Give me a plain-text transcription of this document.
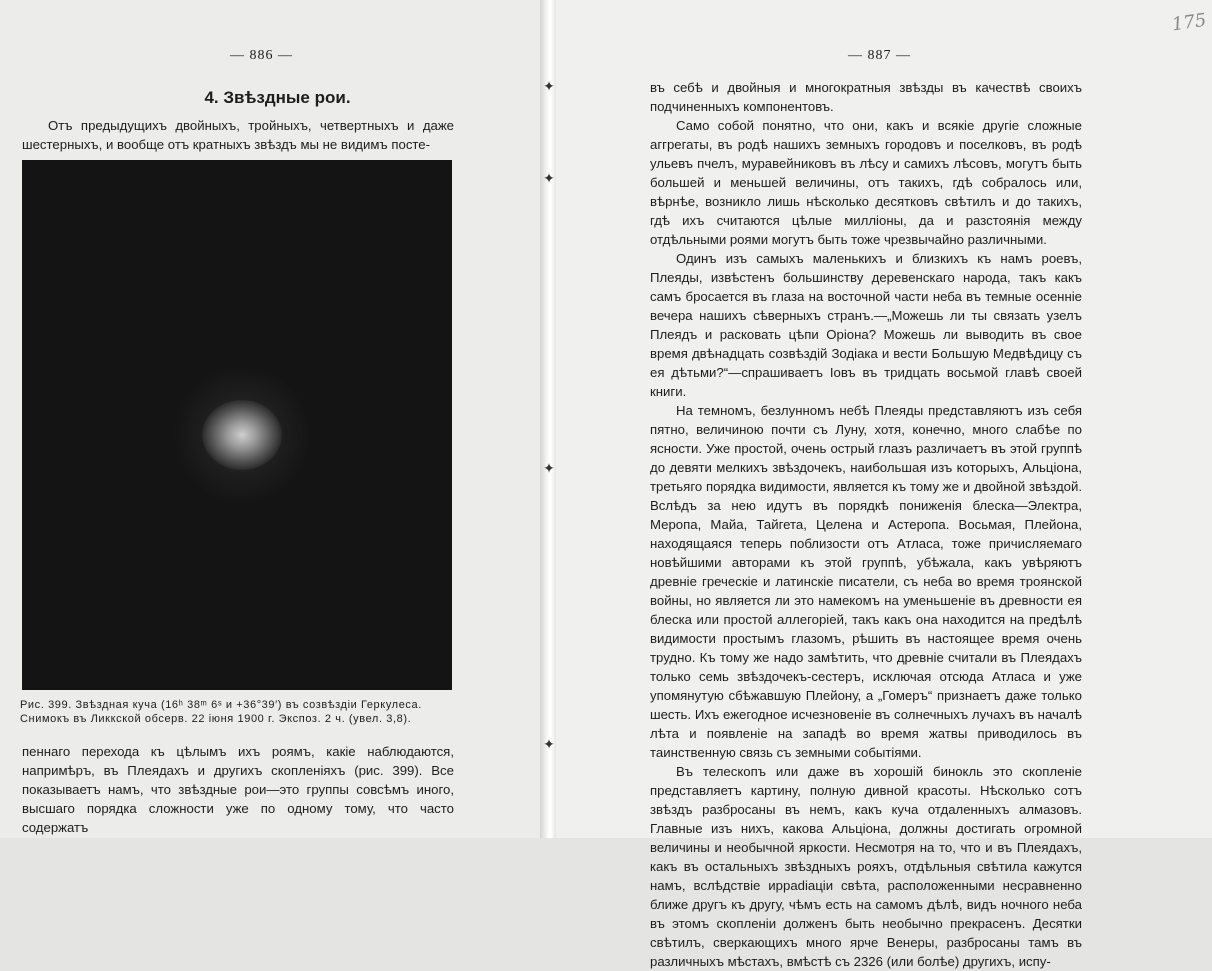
— 886 —
4. Звѣздные рои.

Отъ предыдущихъ двойныхъ, тройныхъ, четвертныхъ и даже шестерныхъ, и вообще отъ кратныхъ звѣздъ мы не видимъ посте-

Рис. 399. Звѣздная куча (16ʰ 38ᵐ 6ˢ и +36°39′) въ созвѣздіи Геркулеса. Снимокъ въ Ликкской обсерв. 22 іюня 1900 г. Экспоз. 2 ч. (увел. 3,8).

пеннаго перехода къ цѣлымъ ихъ роямъ, какіе наблюдаются, напримѣръ, въ Плеядахъ и другихъ скопленіяхъ (рис. 399). Все показываетъ намъ, что звѣздные рои—это группы совсѣмъ иного, высшаго порядка сложности уже по одному тому, что часто содержатъ

✦
✦
✦
✦
— 887 —

въ себѣ и двойныя и многократныя звѣзды въ качествѣ своихъ подчиненныхъ компонентовъ.

Само собой понятно, что они, какъ и всякіе другіе сложные аггрегаты, въ родѣ нашихъ земныхъ городовъ и поселковъ, въ родѣ ульевъ пчелъ, муравейниковъ въ лѣсу и самихъ лѣсовъ, могутъ быть большей и меньшей величины, отъ такихъ, гдѣ собралось или, вѣрнѣе, возникло лишь нѣсколько десятковъ свѣтилъ и до такихъ, гдѣ ихъ считаются цѣлые милліоны, да и разстоянія между отдѣльными роями могутъ быть тоже чрезвычайно различными.

Одинъ изъ самыхъ маленькихъ и близкихъ къ намъ роевъ, Плеяды, извѣстенъ большинству деревенскаго народа, такъ какъ самъ бросается въ глаза на восточной части неба въ темные осенніе вечера нашихъ сѣверныхъ странъ.—„Можешь ли ты связать узелъ Плеядъ и расковать цѣпи Оріона? Можешь ли выводить въ свое время двѣнадцать созвѣздій Зодіака и вести Большую Медвѣдицу съ ея дѣтьми?“—спрашиваетъ Іовъ въ тридцать восьмой главѣ своей книги.

На темномъ, безлунномъ небѣ Плеяды представляютъ изъ себя пятно, величиною почти съ Луну, хотя, конечно, много слабѣе по ясности. Уже простой, очень острый глазъ различаетъ въ этой группѣ до девяти мелкихъ звѣздочекъ, наибольшая изъ которыхъ, Альціона, третьяго порядка видимости, является къ тому же и двойной звѣздой. Вслѣдъ за нею идутъ въ порядкѣ пониженія блеска—Электра, Меропа, Майа, Тайгета, Целена и Астеропа. Восьмая, Плейона, находящаяся теперь поблизости отъ Атласа, тоже причисляемаго новѣйшими авторами къ этой группѣ, убѣжала, какъ увѣряютъ древніе греческіе и латинскіе писатели, съ неба во время троянской войны, но является ли это намекомъ на уменьшеніе въ древности ея блеска или простой аллегоріей, такъ какъ она находится на предѣлѣ видимости простымъ глазомъ, рѣшить въ настоящее время очень трудно. Къ тому же надо замѣтить, что древніе считали въ Плеядахъ только семь звѣздочекъ-сестеръ, исключая отсюда Атласа и уже упомянутую сбѣжавшую Плейону, а „Гомеръ“ признаетъ даже только шесть. Ихъ ежегодное исчезновеніе въ солнечныхъ лучахъ въ началѣ лѣта и появленіе на западѣ во время жатвы приводилось въ таинственную связь съ земными событіями.

Въ телескопъ или даже въ хорошій бинокль это скопленіе представляетъ картину, полную дивной красоты. Нѣсколько сотъ звѣздъ разбросаны въ немъ, какъ куча отдаленныхъ алмазовъ. Главные изъ нихъ, какова Альціона, должны достигать огромной величины и необычной яркости. Несмотря на то, что и въ Плеядахъ, какъ въ остальныхъ звѣздныхъ рояхъ, отдѣльныя свѣтила кажутся намъ, вслѣдствіе ирраdiаціи свѣта, расположенными несравненно ближе другъ къ другу, чѣмъ есть на самомъ дѣлѣ, видъ ночного неба въ этомъ скопленіи долженъ быть необычно прекрасенъ. Десятки свѣтилъ, сверкающихъ много ярче Венеры, разбросаны тамъ въ различныхъ мѣстахъ, вмѣстѣ съ 2326 (или болѣе) другихъ, испу-

175
